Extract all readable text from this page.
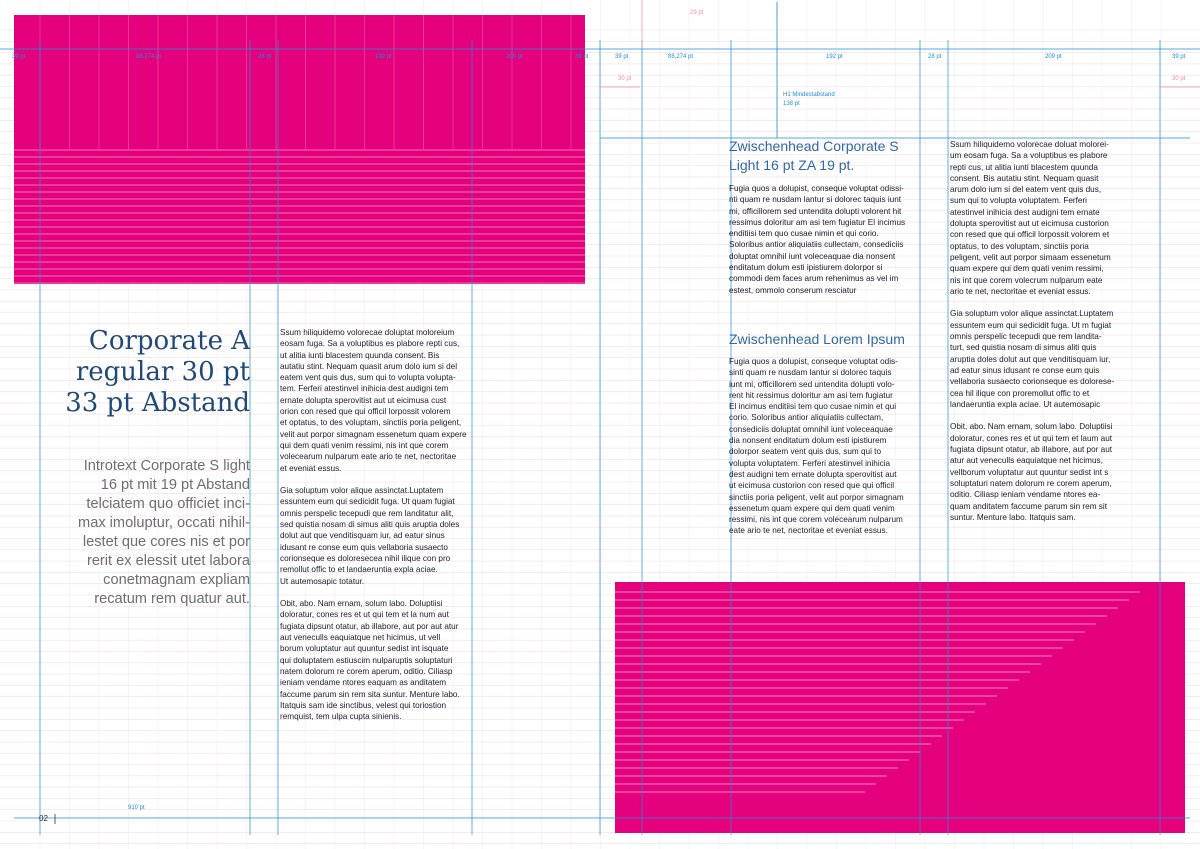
Corporate A
regular 30 pt
33 pt Abstand

Introtext Corporate S light
16 pt mit 19 pt Abstand
telciatem quo officiet inci-
max imoluptur, occati nihil-
lestet que cores nis et por
rerit ex elessit utet labora
conetmagnam expliam
recatum rem quatur aut.

Ssum hiliquidemo volorecae doluptat moloreium
eosam fuga. Sa a voluptibus es plabore repti cus,
ut alitia iunti blacestem quunda consent. Bis
autatiu stint. Nequam quasit arum dolo ium si del
eatem vent quis dus, sum qui to volupta volupta-
tem. Ferferi atestinvel inihicia dest audigni tem
ernate dolupta sperovitist aut ut eicimusa cust
orion con resed que qui officil lorpossit volorem
et optatus, to des voluptam, sinctiis poria peligent,
velit aut porpor simagnam essenetum quam expere
qui dem quati venim ressimi, nis int que corem
volecearum nulparum eate ario te net, nectoritae
et eveniat essus.

Gia soluptum volor alique assinctat.Luptatem
essuntem eum qui sedicidit fuga. Ut quam fugiat
omnis perspelic tecepudi que rem landitatur alit,
sed quistia nosam di simus aliti quis aruptia doles
dolut aut que venditisquam iur, ad eatur sinus
idusant re conse eum quis vellaboria susaecto
corionseque es doloresecea nihil ilique con pro
remollut offic to et landaeruntia expla aciae.
Ut autemosapic totatur.

Obit, abo. Nam ernam, solum labo. Doluptiisi
doloratur, cones res et ut qui tem et la num aut
fugiata dipsunt otatur, ab illabore, aut por aut atur
aut veneculls eaquiatque net hicimus, ut vell
borum voluptatur aut quuntur sedist int isquate
qui doluptatem estiuscim nulparuptis soluptaturi
natem dolorum re corem aperum, oditio. Ciliasp
ieniam vendame ntores eaquam as anditatem
faccume parum sin rem sita suntur. Menture labo.
Itatquis sam ide sinctibus, velest qui toriostion
remquist, tem ulpa cupta sinienis.

02
910 pt
39 pt	88,274 pt	192 pt	28 pt	209 pt	39 pt
29 pt
30 pt	30 pt
H1 Mindestabstand
138 pt
39 pt	88,274 pt	28 pt	192 pt	209 pt	39 pt

Zwischenhead Corporate S
Light 16 pt ZA 19 pt.

Fugia quos a dolupist, conseque voluptat odissi-
nti quam re nusdam lantur si dolorec taquis iunt
mi, officillorem sed untendita dolupti volorent hit
ressimus doloritur am asi tem fugiatur El incimus
enditiisi tem quo cusae nimin et qui corio.
Soloribus antior aliquiatiis cullectam, consediciis
doluptat omnihil iunt voleceaquae dia nonsent
enditatum dolum esti ipistiurem dolorpor si
commodi dem faces arum rehenimus as vel im
estest, ommolo conserum resciatur

Zwischenhead Lorem Ipsum

Fugia quos a dolupist, conseque voluptat odis-
sinti quam re nusdam lantur si dolorec taquis
iunt mi, officillorem sed untendita dolupti volo-
rent hit ressimus doloritur am asi tem fugiatur
El incimus enditiisi tem quo cusae nimin et qui
corio. Soloribus antior aliquiatiis cullectam,
consediciis doluptat omnihil iunt voleceaquae
dia nonsent enditatum dolum esti ipistiurem
dolorpor seatem vent quis dus, sum qui to
volupta voluptatem. Ferferi atestinvel inihicia
dest audigni tem ernate dolupta sperovitist aut
ut eicimusa custorion con resed que qui officil
sinctiis poria peligent, velit aut porpor simagnam
essenetum quam expere qui dem quati venim
ressimi, nis int que corem volecearum nulparum
eate ario te net, nectoritae et eveniat essus.

Ssum hiliquidemo volorecae doluat molorei-
um eosam fuga. Sa a voluptibus es plabore
repti cus, ut alitia iunti blacestem quunda
consent. Bis autatiu stint. Nequam quasit
arum dolo ium si del eatem vent quis dus,
sum qui to volupta voluptatem. Ferferi
atestinvel inihicia dest audigni tem ernate
dolupta sperovitist aut ut eicimusa custorion
con resed que qui officil lorpossit volorem et
optatus, to des voluptam, sinctiis poria
peligent, velit aut porpor simaam essenetum
quam expere qui dem quati venim ressimi,
nis int que corem volecrum nulparum eate
ario te net, nectoritae et eveniat essus.

Gia soluptum volor alique assinctat.Luptatem
essuntem eum qui sedicidit fuga. Ut m fugiat
omnis perspelic tecepudi que rem landita-
turt, sed quistia nosam di simus aliti quis
aruptia doles dolut aut que venditisquam iur,
ad eatur sinus idusant re conse eum quis
vellaboria susaecto corionseque es dolorese-
cea hil ilique con proremollut offic to et
landaeruntia expla aciae. Ut autemosapic

Obit, abo. Nam ernam, solum labo. Doluptiisi
doloratur, cones res et ut qui tem et laum aut
fugiata dipsunt otatur, ab illabore, aut por aut
atur aut veneculls eaquiatque net hicimus,
vellborum voluptatur aut quuntur sedist int s
soluptaturi natem dolorum re corem aperum,
oditio. Ciliasp ieniam vendame ntores ea-
quam anditatem faccume parum sin rem sit
suntur. Menture labo. Itatquis sam.
